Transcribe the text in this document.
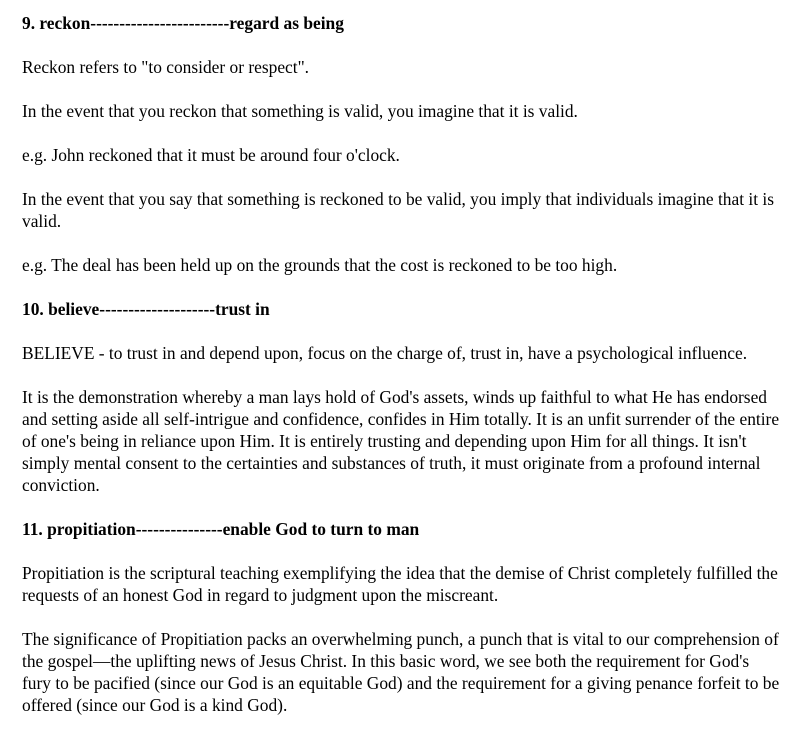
9. reckon------------------------regard as being

Reckon refers to "to consider or respect".

In the event that you reckon that something is valid, you imagine that it is valid.

e.g. John reckoned that it must be around four o'clock.

In the event that you say that something is reckoned to be valid, you imply that individuals imagine that it is valid.

e.g. The deal has been held up on the grounds that the cost is reckoned to be too high.

10. believe--------------------trust in

BELIEVE - to trust in and depend upon, focus on the charge of, trust in, have a psychological influence.

It is the demonstration whereby a man lays hold of God's assets, winds up faithful to what He has endorsed and setting aside all self-intrigue and confidence, confides in Him totally. It is an unfit surrender of the entire of one's being in reliance upon Him. It is entirely trusting and depending upon Him for all things. It isn't simply mental consent to the certainties and substances of truth, it must originate from a profound internal conviction.

11. propitiation---------------enable God to turn to man

Propitiation is the scriptural teaching exemplifying the idea that the demise of Christ completely fulfilled the requests of an honest God in regard to judgment upon the miscreant.

The significance of Propitiation packs an overwhelming punch, a punch that is vital to our comprehension of the gospel—the uplifting news of Jesus Christ. In this basic word, we see both the requirement for God's fury to be pacified (since our God is an equitable God) and the requirement for a giving penance forfeit to be offered (since our God is a kind God).
